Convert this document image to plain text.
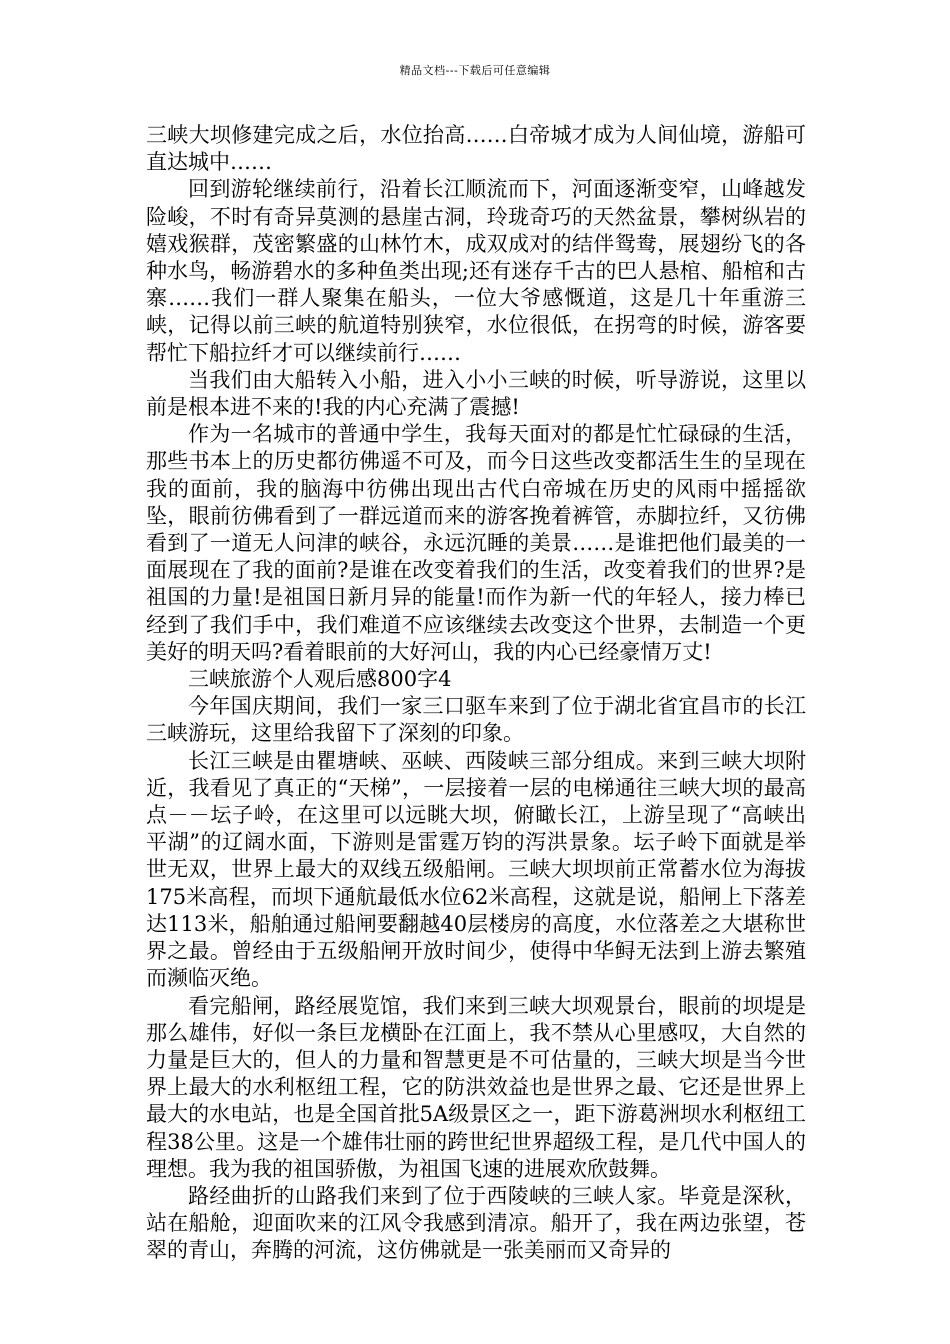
精品文档---下载后可任意编辑

三峡大坝修建完成之后，水位抬高……白帝城才成为人间仙境，游船可直达城中……

回到游轮继续前行，沿着长江顺流而下，河面逐渐变窄，山峰越发险峻，不时有奇异莫测的悬崖古洞，玲珑奇巧的天然盆景，攀树纵岩的嬉戏猴群，茂密繁盛的山林竹木，成双成对的结伴鸳鸯，展翅纷飞的各种水鸟，畅游碧水的多种鱼类出现;还有迷存千古的巴人悬棺、船棺和古寨……我们一群人聚集在船头，一位大爷感慨道，这是几十年重游三峡，记得以前三峡的航道特别狭窄，水位很低，在拐弯的时候，游客要帮忙下船拉纤才可以继续前行……

当我们由大船转入小船，进入小小三峡的时候，听导游说，这里以前是根本进不来的!我的内心充满了震撼!

作为一名城市的普通中学生，我每天面对的都是忙忙碌碌的生活，那些书本上的历史都彷佛遥不可及，而今日这些改变都活生生的呈现在我的面前，我的脑海中彷佛出现出古代白帝城在历史的风雨中摇摇欲坠，眼前彷佛看到了一群远道而来的游客挽着裤管，赤脚拉纤，又彷佛看到了一道无人问津的峡谷，永远沉睡的美景……是谁把他们最美的一面展现在了我的面前?是谁在改变着我们的生活，改变着我们的世界?是祖国的力量!是祖国日新月异的能量!而作为新一代的年轻人，接力棒已经到了我们手中，我们难道不应该继续去改变这个世界，去制造一个更美好的明天吗?看着眼前的大好河山，我的内心已经豪情万丈!

三峡旅游个人观后感800字4

今年国庆期间，我们一家三口驱车来到了位于湖北省宜昌市的长江三峡游玩，这里给我留下了深刻的印象。

长江三峡是由瞿塘峡、巫峡、西陵峡三部分组成。来到三峡大坝附近，我看见了真正的“天梯”，一层接着一层的电梯通往三峡大坝的最高点－－坛子岭，在这里可以远眺大坝，俯瞰长江，上游呈现了“高峡出平湖”的辽阔水面，下游则是雷霆万钧的泻洪景象。坛子岭下面就是举世无双，世界上最大的双线五级船闸。三峡大坝坝前正常蓄水位为海拔175米高程，而坝下通航最低水位62米高程，这就是说，船闸上下落差达113米，船舶通过船闸要翻越40层楼房的高度，水位落差之大堪称世界之最。曾经由于五级船闸开放时间少，使得中华鲟无法到上游去繁殖而濒临灭绝。

看完船闸，路经展览馆，我们来到三峡大坝观景台，眼前的坝堤是那么雄伟，好似一条巨龙横卧在江面上，我不禁从心里感叹，大自然的力量是巨大的，但人的力量和智慧更是不可估量的，三峡大坝是当今世界上最大的水利枢纽工程，它的防洪效益也是世界之最、它还是世界上最大的水电站，也是全国首批5A级景区之一，距下游葛洲坝水利枢纽工程38公里。这是一个雄伟壮丽的跨世纪世界超级工程，是几代中国人的理想。我为我的祖国骄傲，为祖国飞速的进展欢欣鼓舞。

路经曲折的山路我们来到了位于西陵峡的三峡人家。毕竟是深秋，站在船舱，迎面吹来的江风令我感到清凉。船开了，我在两边张望，苍翠的青山，奔腾的河流，这仿佛就是一张美丽而又奇异的
